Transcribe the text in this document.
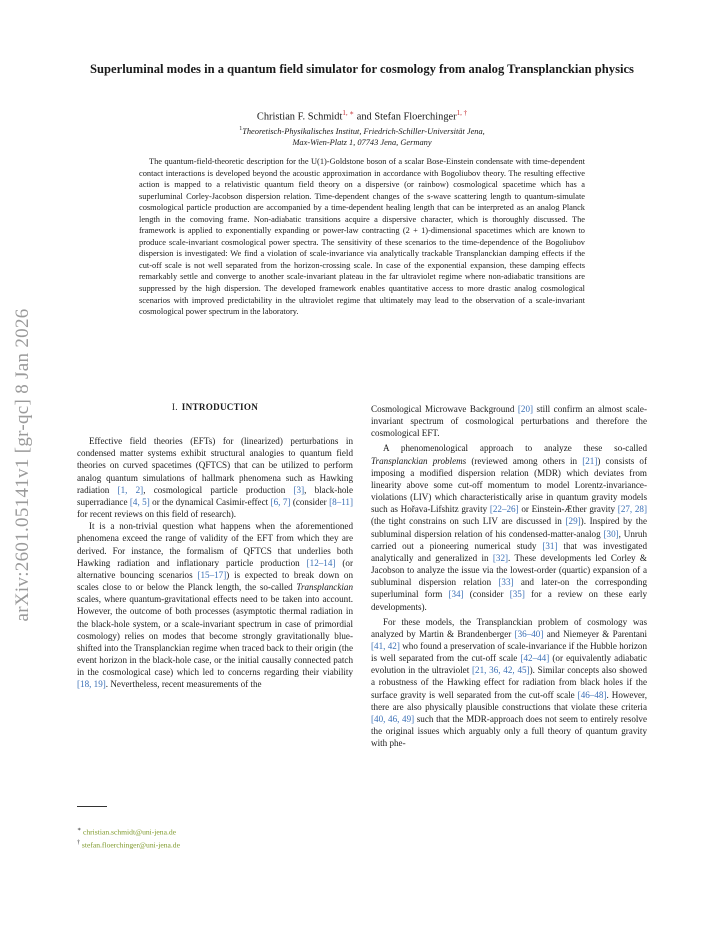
arXiv:2601.05141v1 [gr-qc] 8 Jan 2026
Superluminal modes in a quantum field simulator for cosmology from analog Transplanckian physics
Christian F. Schmidt$^{1, ∗}$ and Stefan Floerchinger$^{1, \dagger}$
$^1$Theoretisch-Physikalisches Institut, Friedrich-Schiller-Universität Jena,
Max-Wien-Platz 1, 07743 Jena, Germany

The quantum-field-theoretic description for the U(1)-Goldstone boson of a scalar Bose-Einstein condensate with time-dependent contact interactions is developed beyond the acoustic approximation in accordance with Bogoliubov theory. The resulting effective action is mapped to a relativistic quantum field theory on a dispersive (or rainbow) cosmological spacetime which has a superluminal Corley-Jacobson dispersion relation. Time-dependent changes of the s-wave scattering length to quantum-simulate cosmological particle production are accompanied by a time-dependent healing length that can be interpreted as an analog Planck length in the comoving frame. Non-adiabatic transitions acquire a dispersive character, which is thoroughly discussed. The framework is applied to exponentially expanding or power-law contracting (2 + 1)-dimensional spacetimes which are known to produce scale-invariant cosmological power spectra. The sensitivity of these scenarios to the time-dependence of the Bogoliubov dispersion is investigated: We find a violation of scale-invariance via analytically trackable Transplanckian damping effects if the cut-off scale is not well separated from the horizon-crossing scale. In case of the exponential expansion, these damping effects remarkably settle and converge to another scale-invariant plateau in the far ultraviolet regime where non-adiabatic transitions are suppressed by the high dispersion. The developed framework enables quantitative access to more drastic analog cosmological scenarios with improved predictability in the ultraviolet regime that ultimately may lead to the observation of a scale-invariant cosmological power spectrum in the laboratory.

I. INTRODUCTION

Effective field theories (EFTs) for (linearized) perturbations in condensed matter systems exhibit structural analogies to quantum field theories on curved spacetimes (QFTCS) that can be utilized to perform analog quantum simulations of hallmark phenomena such as Hawking radiation [1, 2], cosmological particle production [3], black-hole superradiance [4, 5] or the dynamical Casimir-effect [6, 7] (consider [8–11] for recent reviews on this field of research).

It is a non-trivial question what happens when the aforementioned phenomena exceed the range of validity of the EFT from which they are derived. For instance, the formalism of QFTCS that underlies both Hawking radiation and inflationary particle production [12–14] (or alternative bouncing scenarios [15–17]) is expected to break down on scales close to or below the Planck length, the so-called Transplanckian scales, where quantum-gravitational effects need to be taken into account. However, the outcome of both processes (asymptotic thermal radiation in the black-hole system, or a scale-invariant spectrum in case of primordial cosmology) relies on modes that become strongly gravitationally blue-shifted into the Transplanckian regime when traced back to their origin (the event horizon in the black-hole case, or the initial causally connected patch in the cosmological case) which led to concerns regarding their viability [18, 19]. Nevertheless, recent measurements of the

Cosmological Microwave Background [20] still confirm an almost scale-invariant spectrum of cosmological perturbations and therefore the cosmological EFT.

A phenomenological approach to analyze these so-called Transplanckian problems (reviewed among others in [21]) consists of imposing a modified dispersion relation (MDR) which deviates from linearity above some cut-off momentum to model Lorentz-invariance-violations (LIV) which characteristically arise in quantum gravity models such as Hořava-Lifshitz gravity [22–26] or Einstein-Æther gravity [27, 28] (the tight constrains on such LIV are discussed in [29]). Inspired by the subluminal dispersion relation of his condensed-matter-analog [30], Unruh carried out a pioneering numerical study [31] that was investigated analytically and generalized in [32]. These developments led Corley & Jacobson to analyze the issue via the lowest-order (quartic) expansion of a subluminal dispersion relation [33] and later-on the corresponding superluminal form [34] (consider [35] for a review on these early developments).

For these models, the Transplanckian problem of cosmology was analyzed by Martin & Brandenberger [36–40] and Niemeyer & Parentani [41, 42] who found a preservation of scale-invariance if the Hubble horizon is well separated from the cut-off scale [42–44] (or equivalently adiabatic evolution in the ultraviolet [21, 36, 42, 45]). Similar concepts also showed a robustness of the Hawking effect for radiation from black holes if the surface gravity is well separated from the cut-off scale [46–48]. However, there are also physically plausible constructions that violate these criteria [40, 46, 49] such that the MDR-approach does not seem to entirely resolve the original issues which arguably only a full theory of quantum gravity with phe-

∗ christian.schmidt@uni-jena.de
† stefan.floerchinger@uni-jena.de
